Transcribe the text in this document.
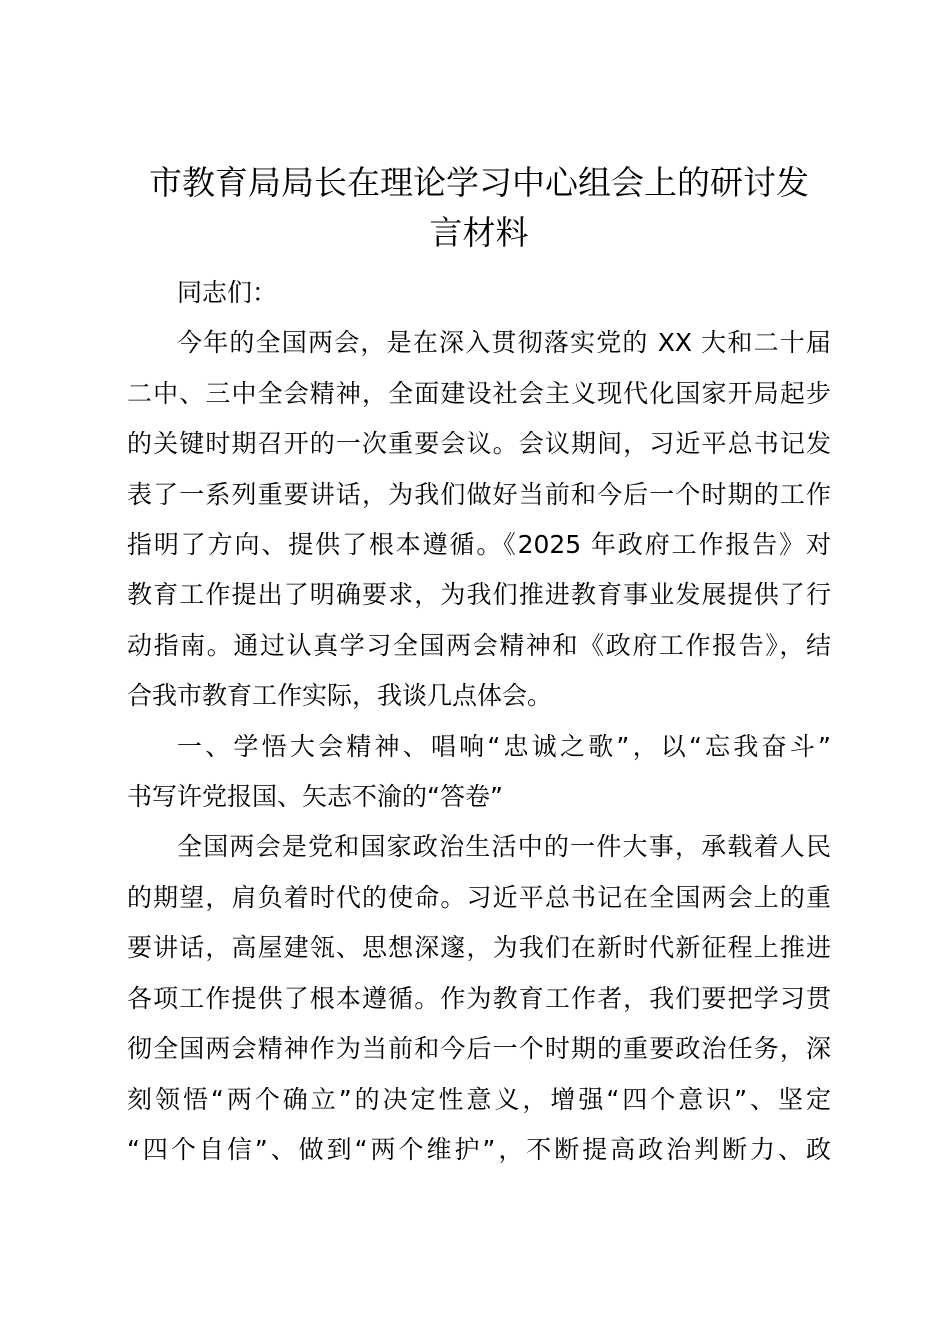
市教育局局长在理论学习中心组会上的研讨发
言材料

同志们：

今年的全国两会，是在深入贯彻落实党的 XX 大和二十届
二中、三中全会精神，全面建设社会主义现代化国家开局起步
的关键时期召开的一次重要会议。会议期间，习近平总书记发
表了一系列重要讲话，为我们做好当前和今后一个时期的工作
指明了方向、提供了根本遵循。《2025 年政府工作报告》对
教育工作提出了明确要求，为我们推进教育事业发展提供了行
动指南。通过认真学习全国两会精神和《政府工作报告》，结
合我市教育工作实际，我谈几点体会。

一、学悟大会精神、唱响“忠诚之歌”，以“忘我奋斗”
书写许党报国、矢志不渝的“答卷”

全国两会是党和国家政治生活中的一件大事，承载着人民
的期望，肩负着时代的使命。习近平总书记在全国两会上的重
要讲话，高屋建瓴、思想深邃，为我们在新时代新征程上推进
各项工作提供了根本遵循。作为教育工作者，我们要把学习贯
彻全国两会精神作为当前和今后一个时期的重要政治任务，深
刻领悟“两个确立”的决定性意义，增强“四个意识”、坚定
“四个自信”、做到“两个维护”，不断提高政治判断力、政
